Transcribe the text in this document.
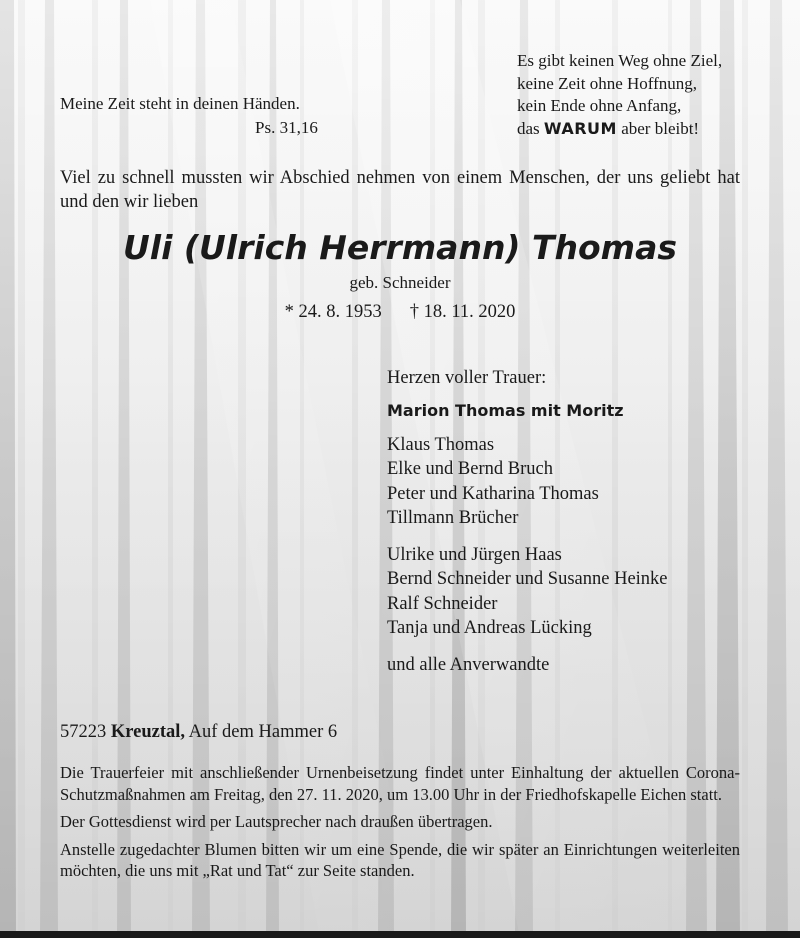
Meine Zeit steht in deinen Händen.
Ps. 31,16
Es gibt keinen Weg ohne Ziel,
keine Zeit ohne Hoffnung,
kein Ende ohne Anfang,
das WARUM aber bleibt!
Viel zu schnell mussten wir Abschied nehmen von einem Menschen, der uns geliebt hat und den wir lieben
Uli (Ulrich Herrmann) Thomas
geb. Schneider
* 24. 8. 1953 † 18. 11. 2020
Herzen voller Trauer:
Marion Thomas mit Moritz
Klaus Thomas
Elke und Bernd Bruch
Peter und Katharina Thomas
Tillmann Brücher
Ulrike und Jürgen Haas
Bernd Schneider und Susanne Heinke
Ralf Schneider
Tanja und Andreas Lücking
und alle Anverwandte
57223 Kreuztal, Auf dem Hammer 6

Die Trauerfeier mit anschließender Urnenbeisetzung findet unter Einhaltung der aktuellen Corona-Schutzmaßnahmen am Freitag, den 27. 11. 2020, um 13.00 Uhr in der Friedhofskapelle Eichen statt.

Der Gottesdienst wird per Lautsprecher nach draußen übertragen.

Anstelle zugedachter Blumen bitten wir um eine Spende, die wir später an Einrichtungen weiterleiten möchten, die uns mit „Rat und Tat“ zur Seite standen.
